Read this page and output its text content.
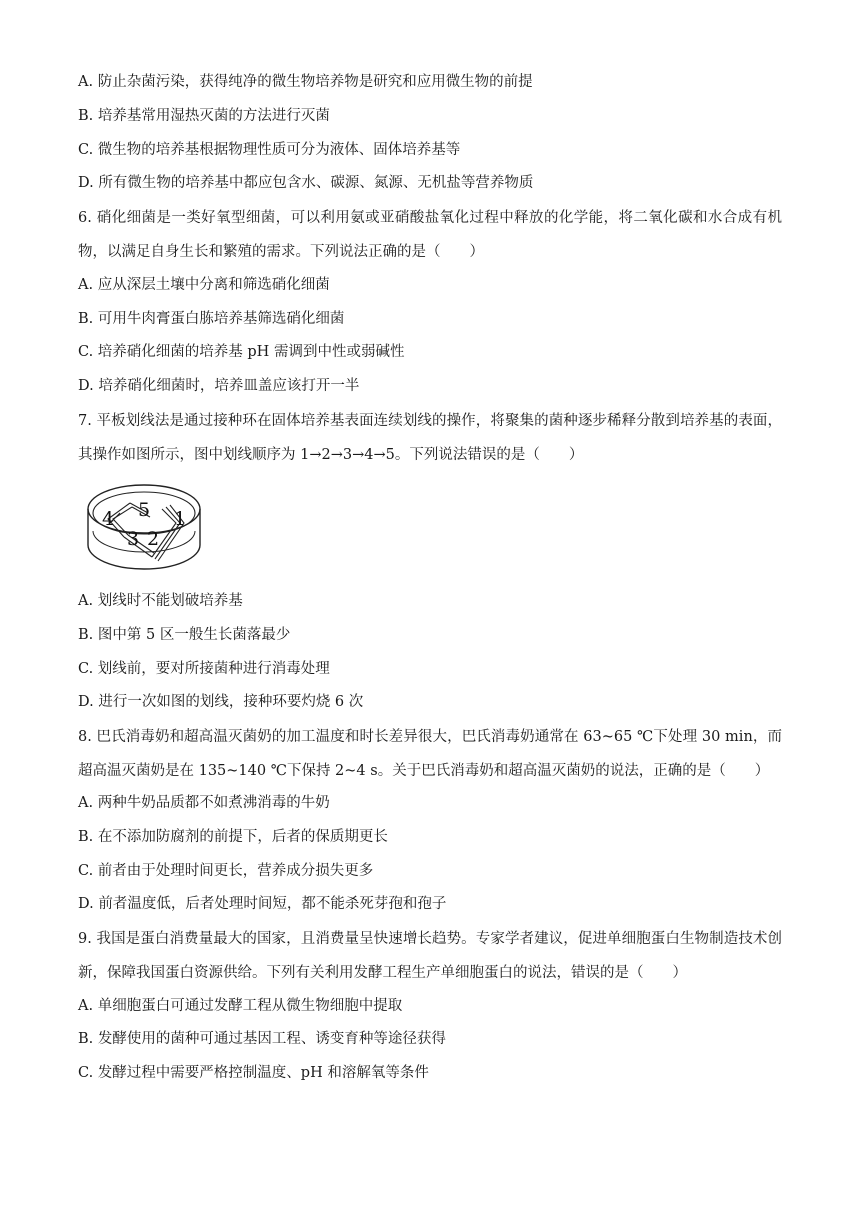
A. 防止杂菌污染，获得纯净的微生物培养物是研究和应用微生物的前提
B. 培养基常用湿热灭菌的方法进行灭菌
C. 微生物的培养基根据物理性质可分为液体、固体培养基等
D. 所有微生物的培养基中都应包含水、碳源、氮源、无机盐等营养物质
6. 硝化细菌是一类好氧型细菌，可以利用氨或亚硝酸盐氧化过程中释放的化学能，将二氧化碳和水合成有机物，以满足自身生长和繁殖的需求。下列说法正确的是（　　）
A. 应从深层土壤中分离和筛选硝化细菌
B. 可用牛肉膏蛋白胨培养基筛选硝化细菌
C. 培养硝化细菌的培养基 pH 需调到中性或弱碱性
D. 培养硝化细菌时，培养皿盖应该打开一半
7. 平板划线法是通过接种环在固体培养基表面连续划线的操作，将聚集的菌种逐步稀释分散到培养基的表面，其操作如图所示，图中划线顺序为 1→2→3→4→5。下列说法错误的是（　　）
1
2
3
4 5
A. 划线时不能划破培养基
B. 图中第 5 区一般生长菌落最少
C. 划线前，要对所接菌种进行消毒处理
D. 进行一次如图的划线，接种环要灼烧 6 次
8. 巴氏消毒奶和超高温灭菌奶的加工温度和时长差异很大，巴氏消毒奶通常在 63~65 ℃下处理 30 min，而超高温灭菌奶是在 135~140 ℃下保持 2~4 s。关于巴氏消毒奶和超高温灭菌奶的说法，正确的是（　　）
A. 两种牛奶品质都不如煮沸消毒的牛奶
B. 在不添加防腐剂的前提下，后者的保质期更长
C. 前者由于处理时间更长，营养成分损失更多
D. 前者温度低，后者处理时间短，都不能杀死芽孢和孢子
9. 我国是蛋白消费量最大的国家，且消费量呈快速增长趋势。专家学者建议，促进单细胞蛋白生物制造技术创新，保障我国蛋白资源供给。下列有关利用发酵工程生产单细胞蛋白的说法，错误的是（　　）
A. 单细胞蛋白可通过发酵工程从微生物细胞中提取
B. 发酵使用的菌种可通过基因工程、诱变育种等途径获得
C. 发酵过程中需要严格控制温度、pH 和溶解氧等条件
